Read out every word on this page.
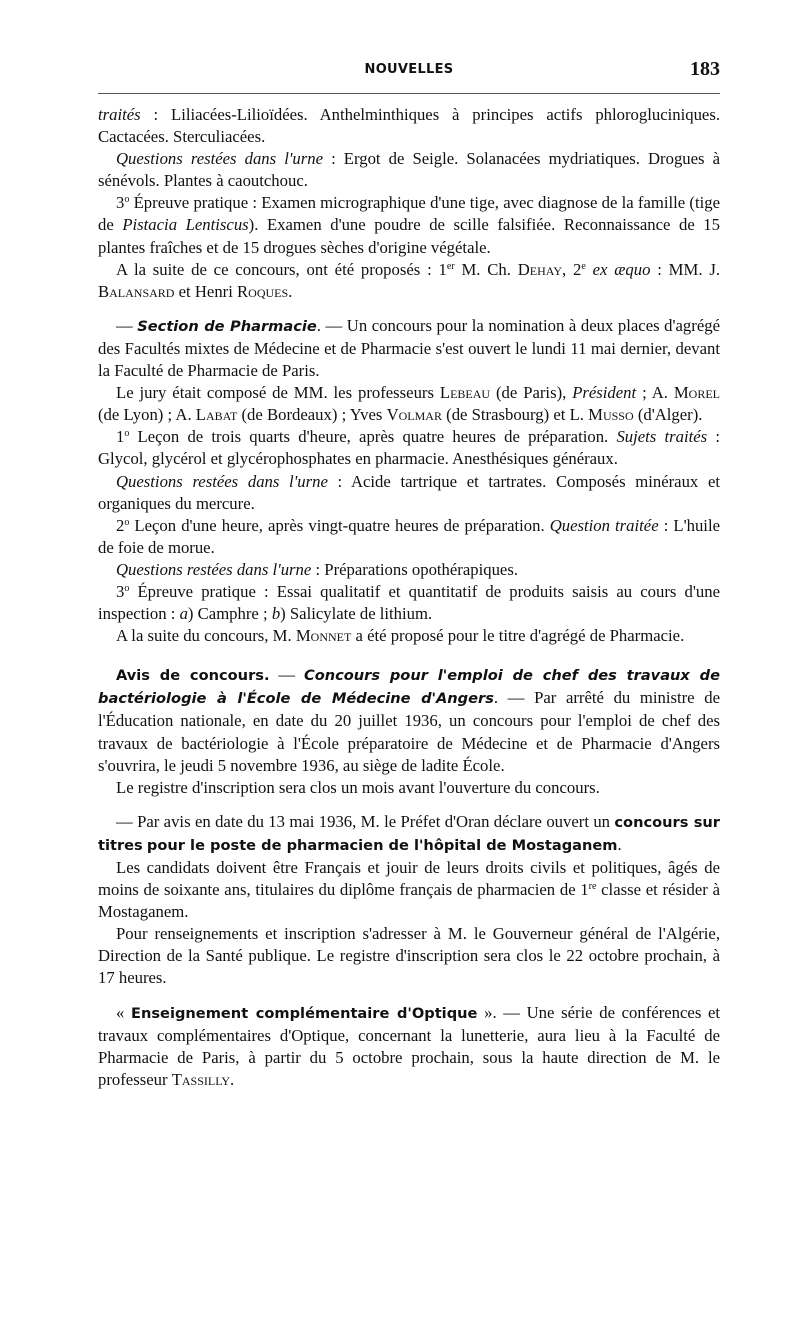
NOUVELLES	183

traités : Liliacées-Lilioïdées. Anthelminthiques à principes actifs phlorogluciniques. Cactacées. Sterculiacées.

Questions restées dans l'urne : Ergot de Seigle. Solanacées mydriatiques. Drogues à sénévols. Plantes à caoutchouc.

3$^o$ Épreuve pratique : Examen micrographique d'une tige, avec diagnose de la famille (tige de Pistacia Lentiscus). Examen d'une poudre de scille falsifiée. Reconnaissance de 15 plantes fraîches et de 15 drogues sèches d'origine végétale.

A la suite de ce concours, ont été proposés : 1er M. Ch. Dehay, 2e ex æquo : MM. J. Balansard et Henri Roques.

— Section de Pharmacie. — Un concours pour la nomination à deux places d'agrégé des Facultés mixtes de Médecine et de Pharmacie s'est ouvert le lundi 11 mai dernier, devant la Faculté de Pharmacie de Paris.

Le jury était composé de MM. les professeurs Lebeau (de Paris), Président ; A. Morel (de Lyon) ; A. Labat (de Bordeaux) ; Yves Volmar (de Strasbourg) et L. Musso (d'Alger).

1$^o$ Leçon de trois quarts d'heure, après quatre heures de préparation. Sujets traités : Glycol, glycérol et glycérophosphates en pharmacie. Anesthésiques généraux.

Questions restées dans l'urne : Acide tartrique et tartrates. Composés minéraux et organiques du mercure.

2$^o$ Leçon d'une heure, après vingt-quatre heures de préparation. Question traitée : L'huile de foie de morue.

Questions restées dans l'urne : Préparations opothérapiques.

3$^o$ Épreuve pratique : Essai qualitatif et quantitatif de produits saisis au cours d'une inspection : a) Camphre ; b) Salicylate de lithium.

A la suite du concours, M. Monnet a été proposé pour le titre d'agrégé de Pharmacie.

Avis de concours. — Concours pour l'emploi de chef des travaux de bactériologie à l'École de Médecine d'Angers. — Par arrêté du ministre de l'Éducation nationale, en date du 20 juillet 1936, un concours pour l'emploi de chef des travaux de bactériologie à l'École préparatoire de Médecine et de Pharmacie d'Angers s'ouvrira, le jeudi 5 novembre 1936, au siège de ladite École.

Le registre d'inscription sera clos un mois avant l'ouverture du concours.

— Par avis en date du 13 mai 1936, M. le Préfet d'Oran déclare ouvert un concours sur titres pour le poste de pharmacien de l'hôpital de Mostaganem.

Les candidats doivent être Français et jouir de leurs droits civils et politiques, âgés de moins de soixante ans, titulaires du diplôme français de pharmacien de 1re classe et résider à Mostaganem.

Pour renseignements et inscription s'adresser à M. le Gouverneur général de l'Algérie, Direction de la Santé publique. Le registre d'inscription sera clos le 22 octobre prochain, à 17 heures.

« Enseignement complémentaire d'Optique ». — Une série de conférences et travaux complémentaires d'Optique, concernant la lunetterie, aura lieu à la Faculté de Pharmacie de Paris, à partir du 5 octobre prochain, sous la haute direction de M. le professeur Tassilly.
